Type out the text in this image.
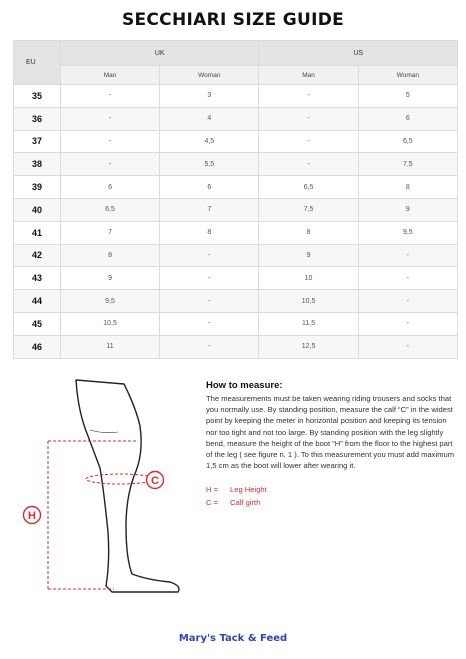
SECCHIARI SIZE GUIDE
EU	UK		US	
	Man	Woman	Man	Woman
35	-	3	-	5
36	-	4	-	6
37	-	4,5	-	6,5
38	-	5,5	-	7,5
39	6	6	6,5	8
40	6,5	7	7,5	9
41	7	8	8	9,5
42	8	-	9	-
43	9	-	10	-
44	9,5	-	10,5	-
45	10,5	-	11,5	-
46	11	-	12,5	-
H
C
How to measure:

The measurements must be taken wearing riding trousers and socks that you normally use. By standing position, measure the calf “C” in the widest point by keeping the meter in horizontal position and keeping its tension nor too tight and not too large. By standing position with the leg slightly bend, measure the height of the boot “H” from the floor to the highest part of the leg ( see figure n. 1 ). To this measurement you must add maximum 1,5 cm as the boot will lower after wearing it.

H =	Leg Height
C =	Calf girth
Mary's Tack & Feed
